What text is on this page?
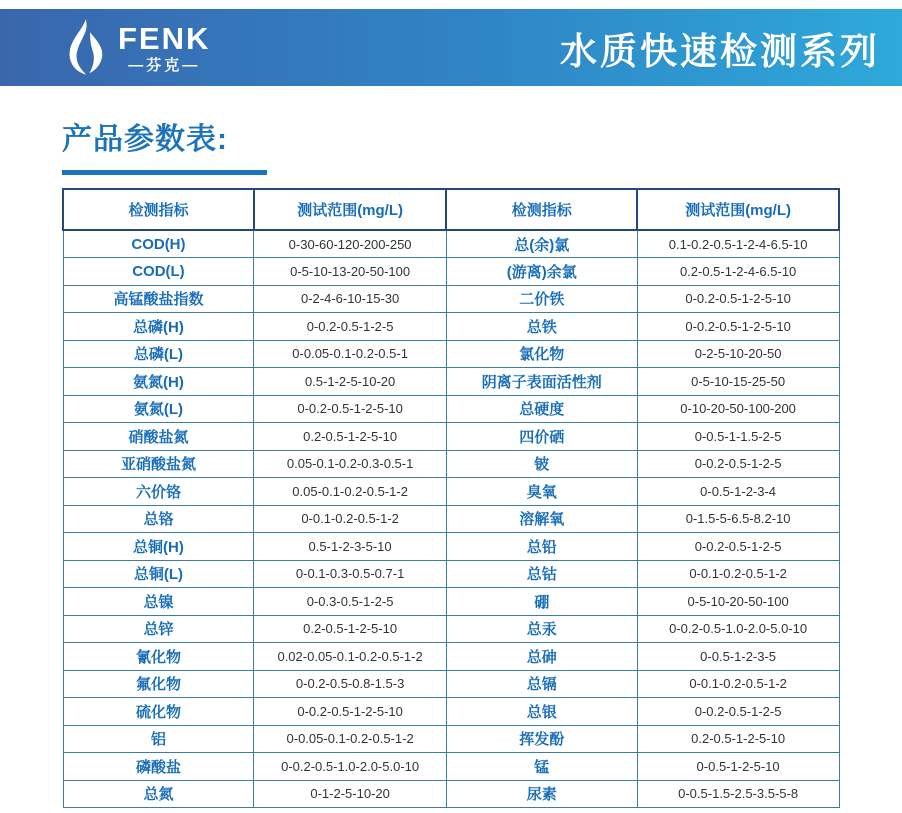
FENK
—芬克—	水质快速检测系列
产品参数表:
检测指标	测试范围(mg/L)	检测指标	测试范围(mg/L)
COD(H)	0-30-60-120-200-250	总(余)氯	0.1-0.2-0.5-1-2-4-6.5-10
COD(L)	0-5-10-13-20-50-100	(游离)余氯	0.2-0.5-1-2-4-6.5-10
高锰酸盐指数	0-2-4-6-10-15-30	二价铁	0-0.2-0.5-1-2-5-10
总磷(H)	0-0.2-0.5-1-2-5	总铁	0-0.2-0.5-1-2-5-10
总磷(L)	0-0.05-0.1-0.2-0.5-1	氯化物	0-2-5-10-20-50
氨氮(H)	0.5-1-2-5-10-20	阴离子表面活性剂	0-5-10-15-25-50
氨氮(L)	0-0.2-0.5-1-2-5-10	总硬度	0-10-20-50-100-200
硝酸盐氮	0.2-0.5-1-2-5-10	四价硒	0-0.5-1-1.5-2-5
亚硝酸盐氮	0.05-0.1-0.2-0.3-0.5-1	铍	0-0.2-0.5-1-2-5
六价铬	0.05-0.1-0.2-0.5-1-2	臭氧	0-0.5-1-2-3-4
总铬	0-0.1-0.2-0.5-1-2	溶解氧	0-1.5-5-6.5-8.2-10
总铜(H)	0.5-1-2-3-5-10	总铅	0-0.2-0.5-1-2-5
总铜(L)	0-0.1-0.3-0.5-0.7-1	总钴	0-0.1-0.2-0.5-1-2
总镍	0-0.3-0.5-1-2-5	硼	0-5-10-20-50-100
总锌	0.2-0.5-1-2-5-10	总汞	0-0.2-0.5-1.0-2.0-5.0-10
氰化物	0.02-0.05-0.1-0.2-0.5-1-2	总砷	0-0.5-1-2-3-5
氟化物	0-0.2-0.5-0.8-1.5-3	总镉	0-0.1-0.2-0.5-1-2
硫化物	0-0.2-0.5-1-2-5-10	总银	0-0.2-0.5-1-2-5
铝	0-0.05-0.1-0.2-0.5-1-2	挥发酚	0.2-0.5-1-2-5-10
磷酸盐	0-0.2-0.5-1.0-2.0-5.0-10	锰	0-0.5-1-2-5-10
总氮	0-1-2-5-10-20	尿素	0-0.5-1.5-2.5-3.5-5-8
